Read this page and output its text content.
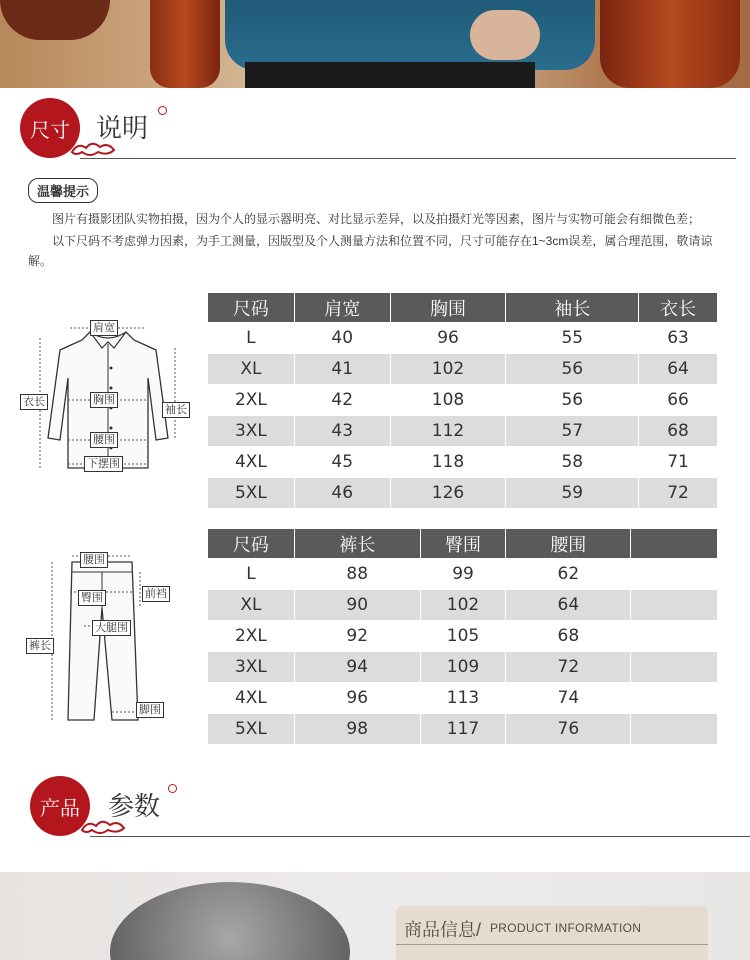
尺寸	说明
温馨提示

图片有摄影团队实物拍摄，因为个人的显示器明亮、对比显示差异，以及拍摄灯光等因素，图片与实物可能会有细微色差；

以下尺码不考虑弹力因素，为手工测量，因版型及个人测量方法和位置不同，尺寸可能存在1~3cm误差，属合理范围，敬请谅解。

肩宽
衣长	胸围
袖长
腰围
下摆围
尺码	肩宽	胸围	袖长	衣长
L	40	96	55	63
XL	41	102	56	64
2XL	42	108	56	66
3XL	43	112	57	68
4XL	45	118	58	71
5XL	46	126	59	72
腰围
臀围	前裆
大腿围
裤长
脚围
尺码	裤长	臀围	腰围	
L	88	99	62	
XL	90	102	64	
2XL	92	105	68	
3XL	94	109	72	
4XL	96	113	74	
5XL	98	117	76	
产品	参数
商品信息/ PRODUCT INFORMATION
